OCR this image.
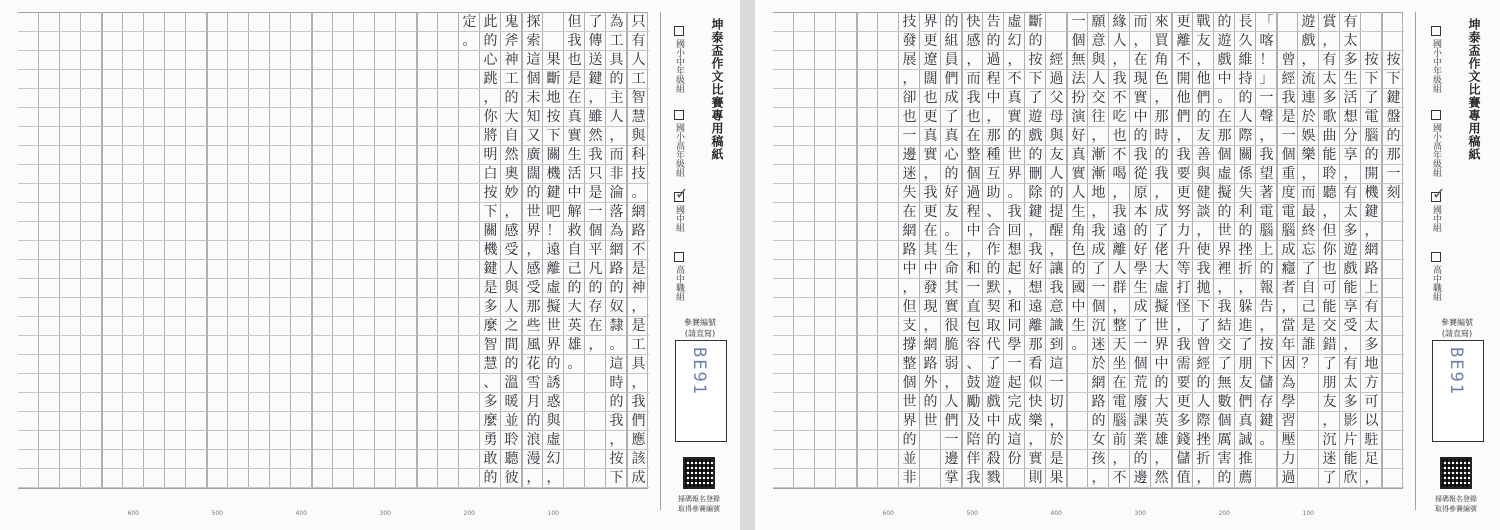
只
有
人
工
智
慧
與
科
技
。
網
路
不
是
神
，
是
工
具
，
我
們
應
該
成
為
工
具
的
主
人
，
而
非
淪
落
為
網
路
的
奴
隸
。
這
時
的
我
，
按
下
了
傳
送
鍵
，
雖
然
我
只
是
一
個
平
凡
的
存
在
，
但
我
也
是
在
真
實
生
活
中
解
救
自
己
的
大
英
雄
。
果
斷
地
按
下
關
機
鍵
吧
！
遠
離
虛
擬
世
界
的
誘
惑
與
虛
幻
，
探
索
這
個
未
知
又
廣
闊
的
世
界
，
感
受
那
些
風
花
雪
月
的
浪
漫
，
鬼
斧
神
工
的
大
自
然
奧
妙
，
感
受
人
與
人
之
間
的
溫
暖
並
聆
聽
彼
此
的
心
跳
，
你
將
明
白
按
下
關
機
鍵
是
多
麼
智
慧
、
多
麼
勇
敢
的
定
。
100
200
300
400
500
600
坤泰盃作文比賽專用稿紙
國小中年級組
國小高年級組
國中組
✓
高中職組
參賽編號
(請直寫)
BE91
掃碼報名登錄
取得參賽編號
按
下
鍵
盤
的
那
一
刻
按
下
了
電
腦
的
開
機
鍵
，
網
路
上
有
太
多
地
方
可
以
駐
足
，
有
太
多
生
活
想
分
享
，
有
太
多
遊
戲
能
享
受
，
有
太
多
影
片
能
欣
賞
，
有
太
多
歌
曲
能
聆
聽
，
但
你
也
可
能
交
錯
了
朋
友
，
沉
迷
了
遊
戲
，
流
連
於
娛
樂
，
而
最
終
忘
了
自
己
是
誰
？
曾
經
我
是
一
個
重
度
電
腦
成
癮
者
，
當
年
因
為
學
習
壓
力
過
「
喀
！
」
一
聲
，
我
望
著
電
腦
上
的
報
告
，
按
下
儲
存
鍵
。
長
久
維
持
的
人
際
關
係
失
利
的
挫
折
，
躲
進
了
朋
友
們
真
誠
推
薦
的
遊
戲
中
。
在
那
個
虛
擬
的
世
界
裡
，
我
結
交
了
無
數
個
厲
害
的
戰
友
，
他
們
的
友
善
與
健
談
，
使
我
拋
下
了
曾
經
的
人
際
挫
折
，
更
離
不
開
他
們
，
我
要
更
努
力
升
等
打
怪
，
我
需
要
更
多
錢
儲
值
來
買
角
色
，
那
時
的
我
，
成
了
佬
大
虛
擬
世
界
中
的
大
英
雄
，
然
而
，
在
現
實
中
的
我
從
原
本
的
好
學
生
成
了
一
個
荒
廢
課
業
的
邊
緣
人
，
我
不
吃
也
不
喝
，
我
遠
離
人
群
，
整
天
坐
在
電
腦
前
，
不
願
意
與
人
交
往
，
漸
漸
地
，
我
成
了
一
個
沉
迷
於
網
路
的
女
孩
，
一
個
無
法
扮
演
好
真
實
人
生
角
色
的
國
中
生
。
經
過
父
母
與
友
人
的
提
醒
，
讓
我
意
識
到
這
一
切
，
於
是
果
斷
的
按
下
了
遊
戲
的
刪
除
鍵
，
我
好
想
遠
離
那
看
似
快
樂
，
實
則
虛
幻
，
不
真
實
的
世
界
。
我
回
想
起
，
和
同
學
一
起
完
成
這
份
告
的
過
程
中
，
那
種
互
助
、
合
作
的
默
契
取
代
了
遊
戲
中
的
殺
戮
快
感
，
而
我
也
在
整
個
過
程
中
，
和
一
直
包
容
、
鼓
勵
及
陪
伴
我
的
組
員
們
成
了
真
心
的
好
友
。
生
命
其
實
很
脆
弱
，
人
們
一
邊
掌
界
更
遼
闊
也
更
真
實
，
我
更
在
其
中
發
現
，
網
路
外
的
世
技
發
展
，
卻
也
一
邊
迷
失
在
網
路
中
，
但
支
撐
整
個
世
界
的
並
非
100
200
300
400
500
600
坤泰盃作文比賽專用稿紙
國小中年級組
國小高年級組
國中組
✓
高中職組
參賽編號
(請直寫)
BE91
掃碼報名登錄
取得參賽編號
